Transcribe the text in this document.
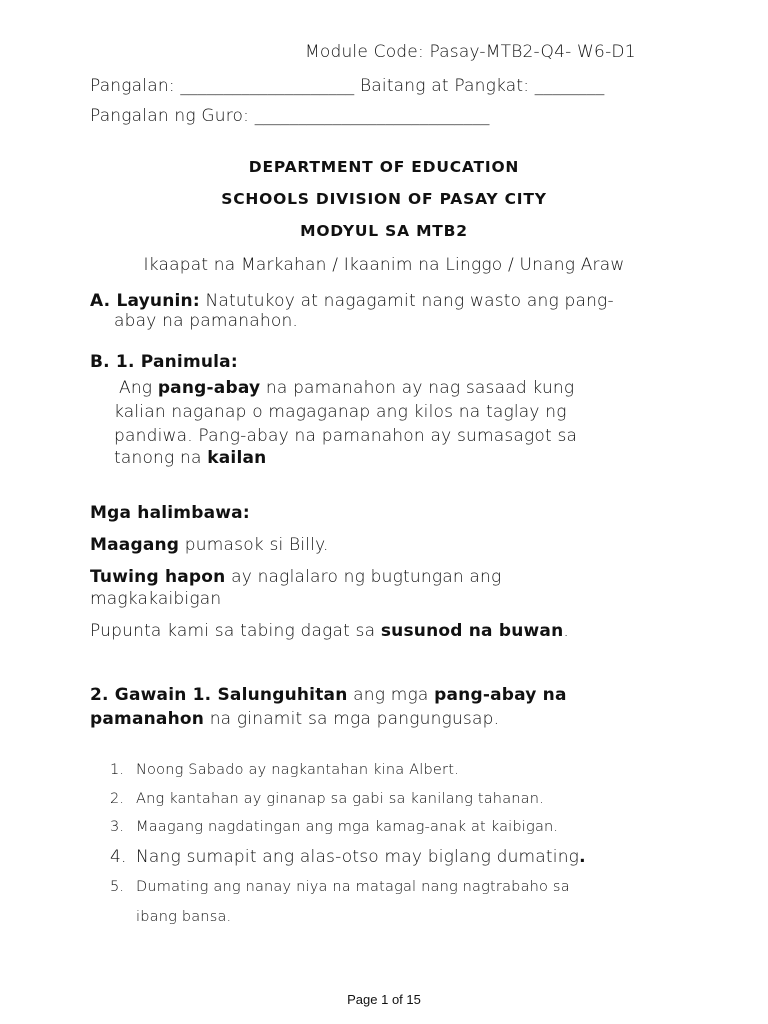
Module Code: Pasay-MTB2-Q4- W6-D1
Pangalan: ____________________ Baitang at Pangkat: ________
Pangalan ng Guro: ___________________________
DEPARTMENT OF EDUCATION
SCHOOLS DIVISION OF PASAY CITY
MODYUL SA MTB2
Ikaapat na Markahan / Ikaanim na Linggo / Unang Araw
A. Layunin: Natutukoy at nagagamit nang wasto ang pang-
abay na pamanahon.
B. 1. Panimula:
Ang pang-abay na pamanahon ay nag sasaad kung
kalian naganap o magaganap ang kilos na taglay ng
pandiwa. Pang-abay na pamanahon ay sumasagot sa
tanong na kailan
Mga halimbawa:
Maagang pumasok si Billy.
Tuwing hapon ay naglalaro ng bugtungan ang
magkakaibigan
Pupunta kami sa tabing dagat sa susunod na buwan.
2. Gawain 1. Salunguhitan ang mga pang-abay na
pamanahon na ginamit sa mga pangungusap.
1. Noong Sabado ay nagkantahan kina Albert.
2. Ang kantahan ay ginanap sa gabi sa kanilang tahanan.
3. Maagang nagdatingan ang mga kamag-anak at kaibigan.
4. Nang sumapit ang alas-otso may biglang dumating.
5. Dumating ang nanay niya na matagal nang nagtrabaho sa
ibang bansa.
Page 1 of 15
